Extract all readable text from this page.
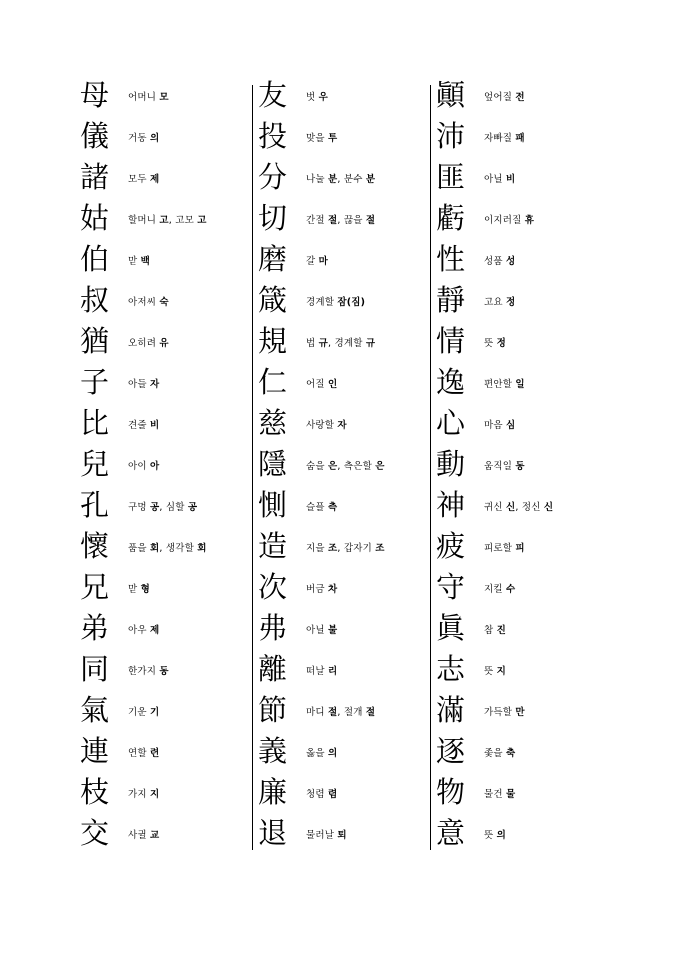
母	어머니 모
儀	거동 의
諸	모두 제
姑	할머니 고, 고모 고
伯	맏 백
叔	아저씨 숙
猶	오히려 유
子	아들 자
比	견줄 비
兒	아이 아
孔	구멍 공, 심할 공
懷	품을 회, 생각할 회
兄	맏 형
弟	아우 제
同	한가지 동
氣	기운 기
連	연할 련
枝	가지 지
交	사귈 교
友	벗 우
投	맞을 투
分	나눌 분, 분수 분
切	간절 절, 끊을 절
磨	갈 마
箴	경계할 잠(짐)
規	법 규, 경계할 규
仁	어질 인
慈	사랑할 자
隱	숨을 은, 측은할 은
惻	슬플 측
造	지을 조, 갑자기 조
次	버금 차
弗	아닐 불
離	떠날 리
節	마디 절, 절개 절
義	옳을 의
廉	청렴 렴
退	물러날 퇴
顚	엎어질 전
沛	자빠질 패
匪	아닐 비
虧	이지러질 휴
性	성품 성
靜	고요 정
情	뜻 정
逸	편안할 일
心	마음 심
動	움직일 동
神	귀신 신, 정신 신
疲	피로할 피
守	지킬 수
眞	참 진
志	뜻 지
滿	가득할 만
逐	좇을 축
物	물건 물
意	뜻 의
